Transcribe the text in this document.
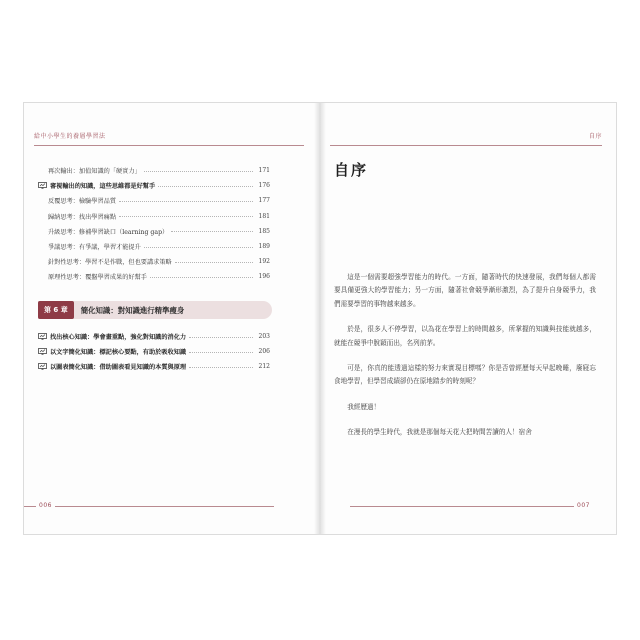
給中小學生的養層學習法
再次輸出：加值知識的「硬實力」	171
審視輸出的知識，這些思維都是好幫手	176
反覆思考：檢驗學習品質	177
歸納思考：找出學習痛點	181
升級思考：修補學習缺口（learning gap）	185
爭議思考：有爭議，學習才能提升	189
針對性思考：學習不是作戰，但也要講求策略	192
原理性思考：覆盤學習成果的好幫手	196
第 6 章	簡化知識：對知識進行精準瘦身
找出核心知識：學會畫重點，強化對知識的消化力	203
以文字簡化知識：標記核心要點，有助於吸收知識	206
以圖表簡化知識：借助圖表看見知識的本質與原理	212
006
自序
自序

這是一個需要超強學習能力的時代。一方面，隨著時代的快速發展，我們每個人都需要具備更強大的學習能力；另一方面，隨著社會競爭漸形激烈，為了提升自身競爭力，我們需要學習的事物越來越多。

於是，很多人不停學習，以為花在學習上的時間越多，所掌握的知識與技能就越多，就能在競爭中脫穎而出，名列前茅。

可是，你真的能透過這樣的努力來實現目標嗎？你是否曾經歷每天早起晚睡，廢寢忘食地學習，但學習成績卻仍在原地踏步的時刻呢？

我經歷過！

在漫長的學生時代，我就是那個每天花大把時間苦讀的人！宿舍

007
